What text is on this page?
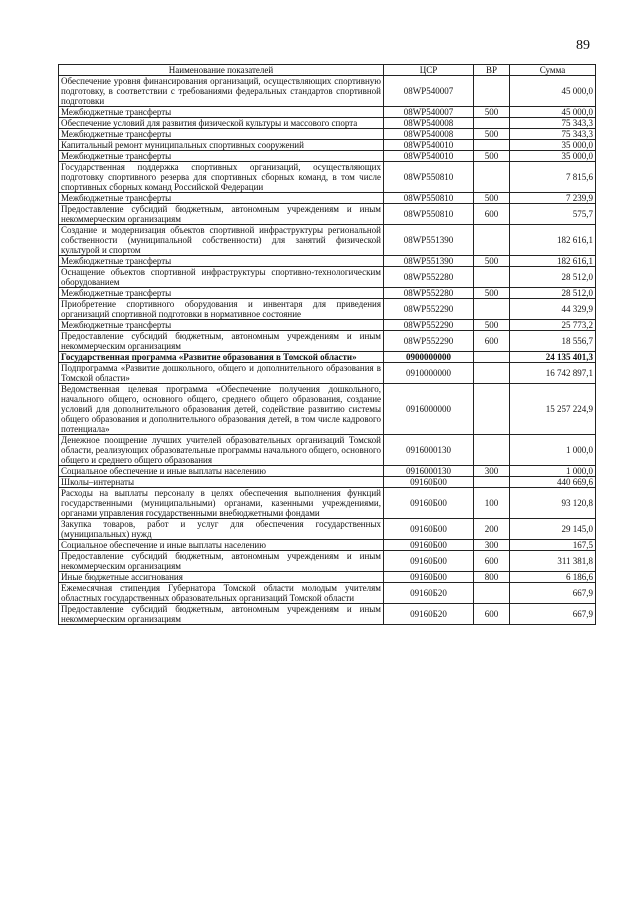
89
Наименование показателей	ЦСР	ВР	Сумма
Обеспечение уровня финансирования организаций, осуществляющих спортивную подготовку, в соответствии с требованиями федеральных стандартов спортивной подготовки	08WP540007		45 000,0
Межбюджетные трансферты	08WP540007	500	45 000,0
Обеспечение условий для развития физической культуры и массового спорта	08WP540008		75 343,3
Межбюджетные трансферты	08WP540008	500	75 343,3
Капитальный ремонт муниципальных спортивных сооружений	08WP540010		35 000,0
Межбюджетные трансферты	08WP540010	500	35 000,0
Государственная поддержка спортивных организаций, осуществляющих подготовку спортивного резерва для спортивных сборных команд, в том числе спортивных сборных команд Российской Федерации	08WP550810		7 815,6
Межбюджетные трансферты	08WP550810	500	7 239,9
Предоставление субсидий бюджетным, автономным учреждениям и иным некоммерческим организациям	08WP550810	600	575,7
Создание и модернизация объектов спортивной инфраструктуры региональной собственности (муниципальной собственности) для занятий физической культурой и спортом	08WP551390		182 616,1
Межбюджетные трансферты	08WP551390	500	182 616,1
Оснащение объектов спортивной инфраструктуры спортивно-технологическим оборудованием	08WP552280		28 512,0
Межбюджетные трансферты	08WP552280	500	28 512,0
Приобретение спортивного оборудования и инвентаря для приведения организаций спортивной подготовки в нормативное состояние	08WP552290		44 329,9
Межбюджетные трансферты	08WP552290	500	25 773,2
Предоставление субсидий бюджетным, автономным учреждениям и иным некоммерческим организациям	08WP552290	600	18 556,7
Государственная программа «Развитие образования в Томской области»	0900000000		24 135 401,3
Подпрограмма «Развитие дошкольного, общего и дополнительного образования в Томской области»	0910000000		16 742 897,1
Ведомственная целевая программа «Обеспечение получения дошкольного, начального общего, основного общего, среднего общего образования, создание условий для дополнительного образования детей, содействие развитию системы общего образования и дополнительного образования детей, в том числе кадрового потенциала»	0916000000		15 257 224,9
Денежное поощрение лучших учителей образовательных организаций Томской области, реализующих образовательные программы начального общего, основного общего и среднего общего образования	0916000130		1 000,0
Социальное обеспечение и иные выплаты населению	0916000130	300	1 000,0
Школы–интернаты	09160Б00		440 669,6
Расходы на выплаты персоналу в целях обеспечения выполнения функций государственными (муниципальными) органами, казенными учреждениями, органами управления государственными внебюджетными фондами	09160Б00	100	93 120,8
Закупка товаров, работ и услуг для обеспечения государственных (муниципальных) нужд	09160Б00	200	29 145,0
Социальное обеспечение и иные выплаты населению	09160Б00	300	167,5
Предоставление субсидий бюджетным, автономным учреждениям и иным некоммерческим организациям	09160Б00	600	311 381,8
Иные бюджетные ассигнования	09160Б00	800	6 186,6
Ежемесячная стипендия Губернатора Томской области молодым учителям областных государственных образовательных организаций Томской области	09160Б20		667,9
Предоставление субсидий бюджетным, автономным учреждениям и иным некоммерческим организациям	09160Б20	600	667,9
